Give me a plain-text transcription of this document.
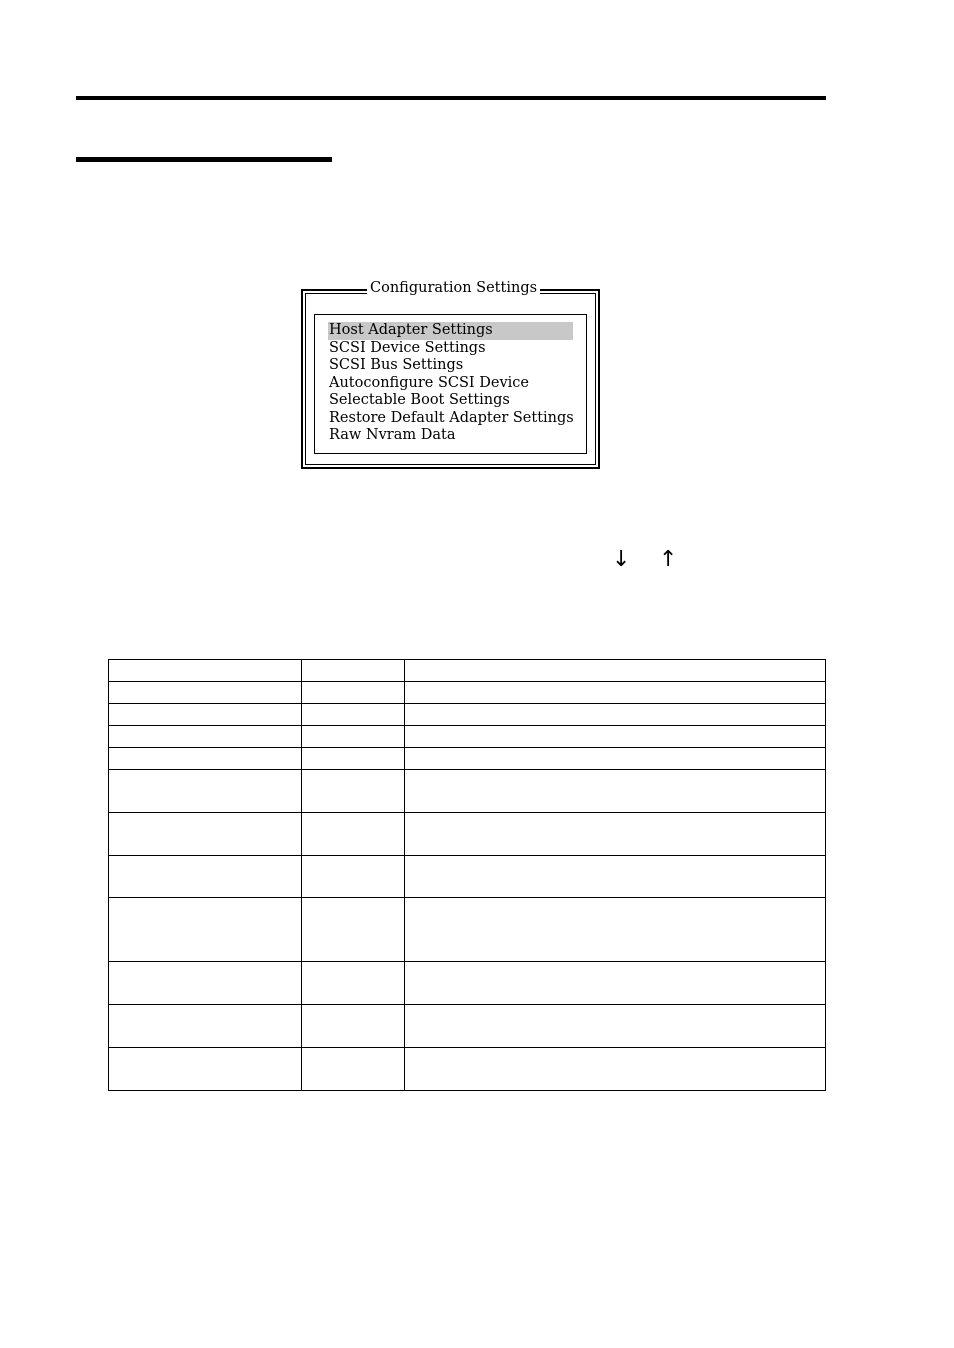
Configuration Settings
Host Adapter Settings
SCSI Device Settings
SCSI Bus Settings
Autoconfigure SCSI Device
Selectable Boot Settings
Restore Default Adapter Settings
Raw Nvram Data
↓ ↑
